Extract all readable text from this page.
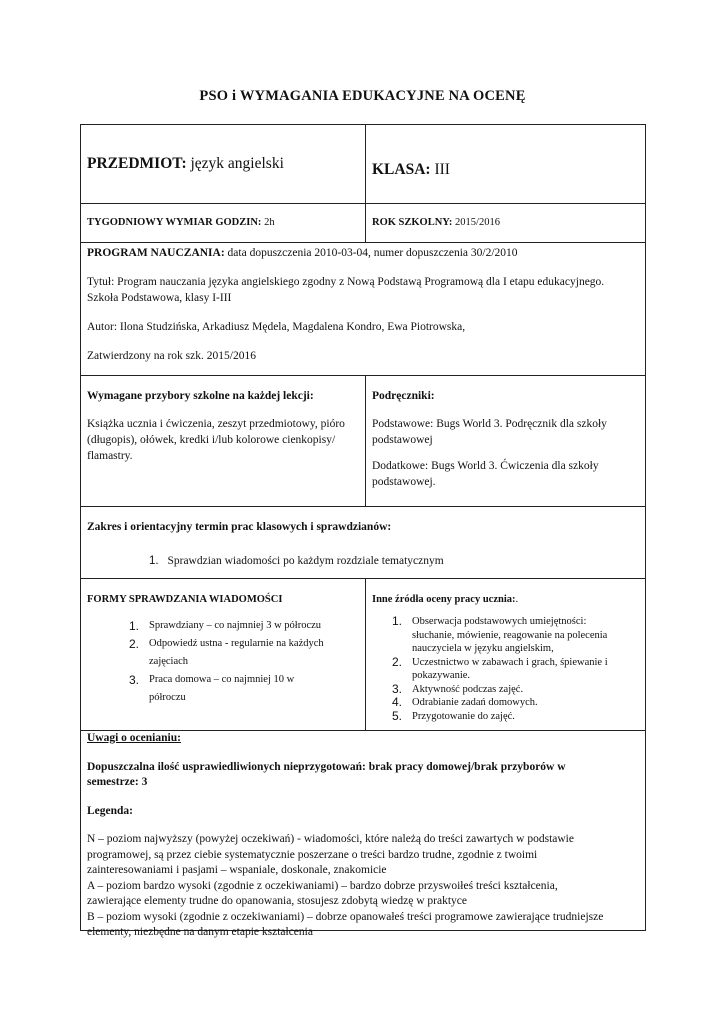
PSO i WYMAGANIA EDUKACYJNE NA OCENĘ
PRZEDMIOT: język angielski	KLASA: III
TYGODNIOWY WYMIAR GODZIN: 2h	ROK SZKOLNY: 2015/2016

PROGRAM NAUCZANIA: data dopuszczenia 2010-03-04, numer dopuszczenia 30/2/2010

Tytuł: Program nauczania języka angielskiego zgodny z Nową Podstawą Programową dla I etapu edukacyjnego.

Szkoła Podstawowa, klasy I-III

Autor: Ilona Studzińska, Arkadiusz Mędela, Magdalena Kondro, Ewa Piotrowska,

Zatwierdzony na rok szk. 2015/2016

Wymagane przybory szkolne na każdej lekcji:

Książka ucznia i ćwiczenia, zeszyt przedmiotowy, pióro

(długopis), ołówek, kredki i/lub kolorowe cienkopisy/

flamastry.

Podręczniki:

Podstawowe: Bugs World 3. Podręcznik dla szkoły

podstawowej

Dodatkowe: Bugs World 3. Ćwiczenia dla szkoły

podstawowej.

Zakres i orientacyjny termin prac klasowych i sprawdzianów:

1. Sprawdzian wiadomości po każdym rozdziale tematycznym
FORMY SPRAWDZANIA WIADOMOŚCI
1. Sprawdziany – co najmniej 3 w półroczu
2. Odpowiedź ustna - regularnie na każdych
zajęciach
3. Praca domowa – co najmniej 10 w
półroczu
Inne źródła oceny pracy ucznia:.
1. Obserwacja podstawowych umiejętności:
słuchanie, mówienie, reagowanie na polecenia
nauczyciela w języku angielskim,
2. Uczestnictwo w zabawach i grach, śpiewanie i
pokazywanie.
3. Aktywność podczas zajęć.
4. Odrabianie zadań domowych.
5. Przygotowanie do zajęć.

Uwagi o ocenianiu:

Dopuszczalna ilość usprawiedliwionych nieprzygotowań: brak pracy domowej/brak przyborów w

semestrze: 3

Legenda:

N – poziom najwyższy (powyżej oczekiwań) - wiadomości, które należą do treści zawartych w podstawie

programowej, są przez ciebie systematycznie poszerzane o treści bardzo trudne, zgodnie z twoimi

zainteresowaniami i pasjami – wspaniale, doskonale, znakomicie

A – poziom bardzo wysoki (zgodnie z oczekiwaniami) – bardzo dobrze przyswoiłeś treści kształcenia,

zawierające elementy trudne do opanowania, stosujesz zdobytą wiedzę w praktyce

B – poziom wysoki (zgodnie z oczekiwaniami) – dobrze opanowałeś treści programowe zawierające trudniejsze

elementy, niezbędne na danym etapie kształcenia
